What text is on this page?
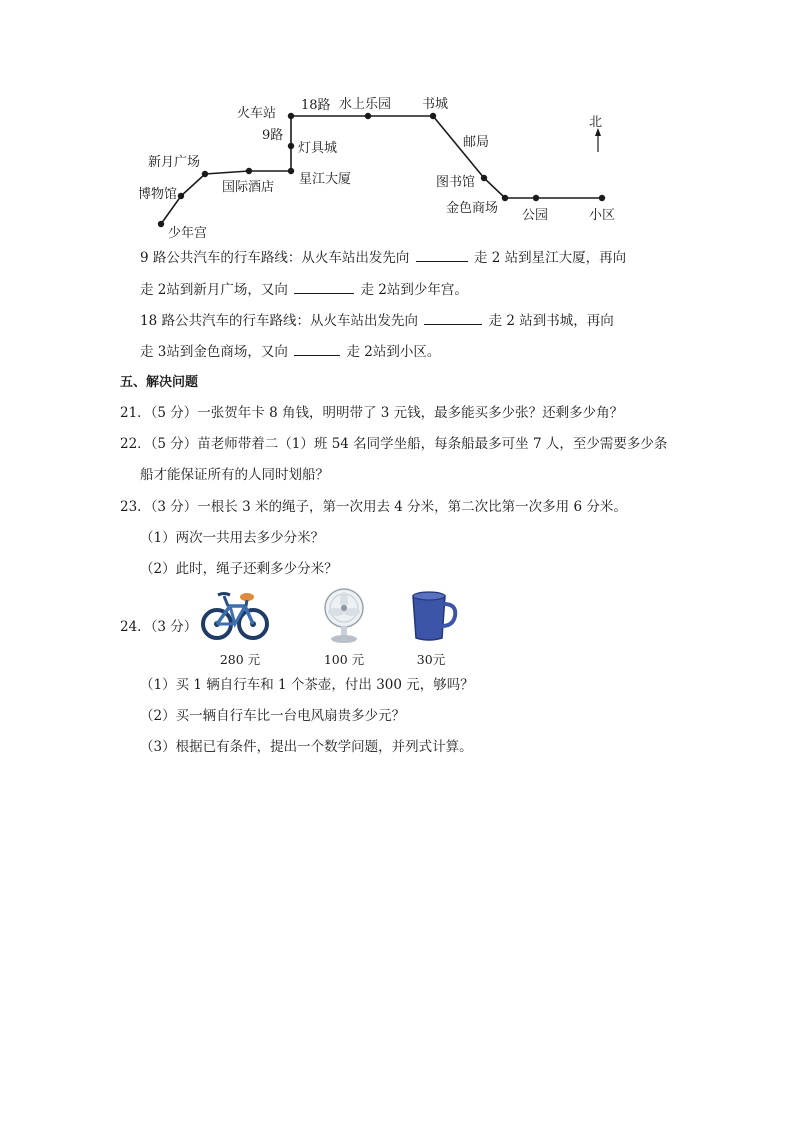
火车站
18路 水上乐园 书城
9路
灯具城	邮局
北
新月广场
星江大厦	图书馆
国际酒店
博物馆
金色商场 公园	小区
少年宫
9 路公共汽车的行车路线：从火车站出发先向	走 2 站到星江大厦，再向
走 2站到新月广场，又向	走 2站到少年宫。
18 路公共汽车的行车路线：从火车站出发先向	走 2 站到书城，再向
走 3站到金色商场，又向	走 2站到小区。
五、解决问题
21．（5 分）一张贺年卡 8 角钱，明明带了 3 元钱，最多能买多少张？还剩多少角？
22．（5 分）苗老师带着二（1）班 54 名同学坐船，每条船最多可坐 7 人，至少需要多少条
船才能保证所有的人同时划船？
23．（3 分）一根长 3 米的绳子，第一次用去 4 分米，第二次比第一次多用 6 分米。
（1）两次一共用去多少分米？
（2）此时，绳子还剩多少分米？
24．（3 分）
280 元	100 元	30元
（1）买 1 辆自行车和 1 个茶壶，付出 300 元，够吗？
（2）买一辆自行车比一台电风扇贵多少元？
（3）根据已有条件，提出一个数学问题，并列式计算。
